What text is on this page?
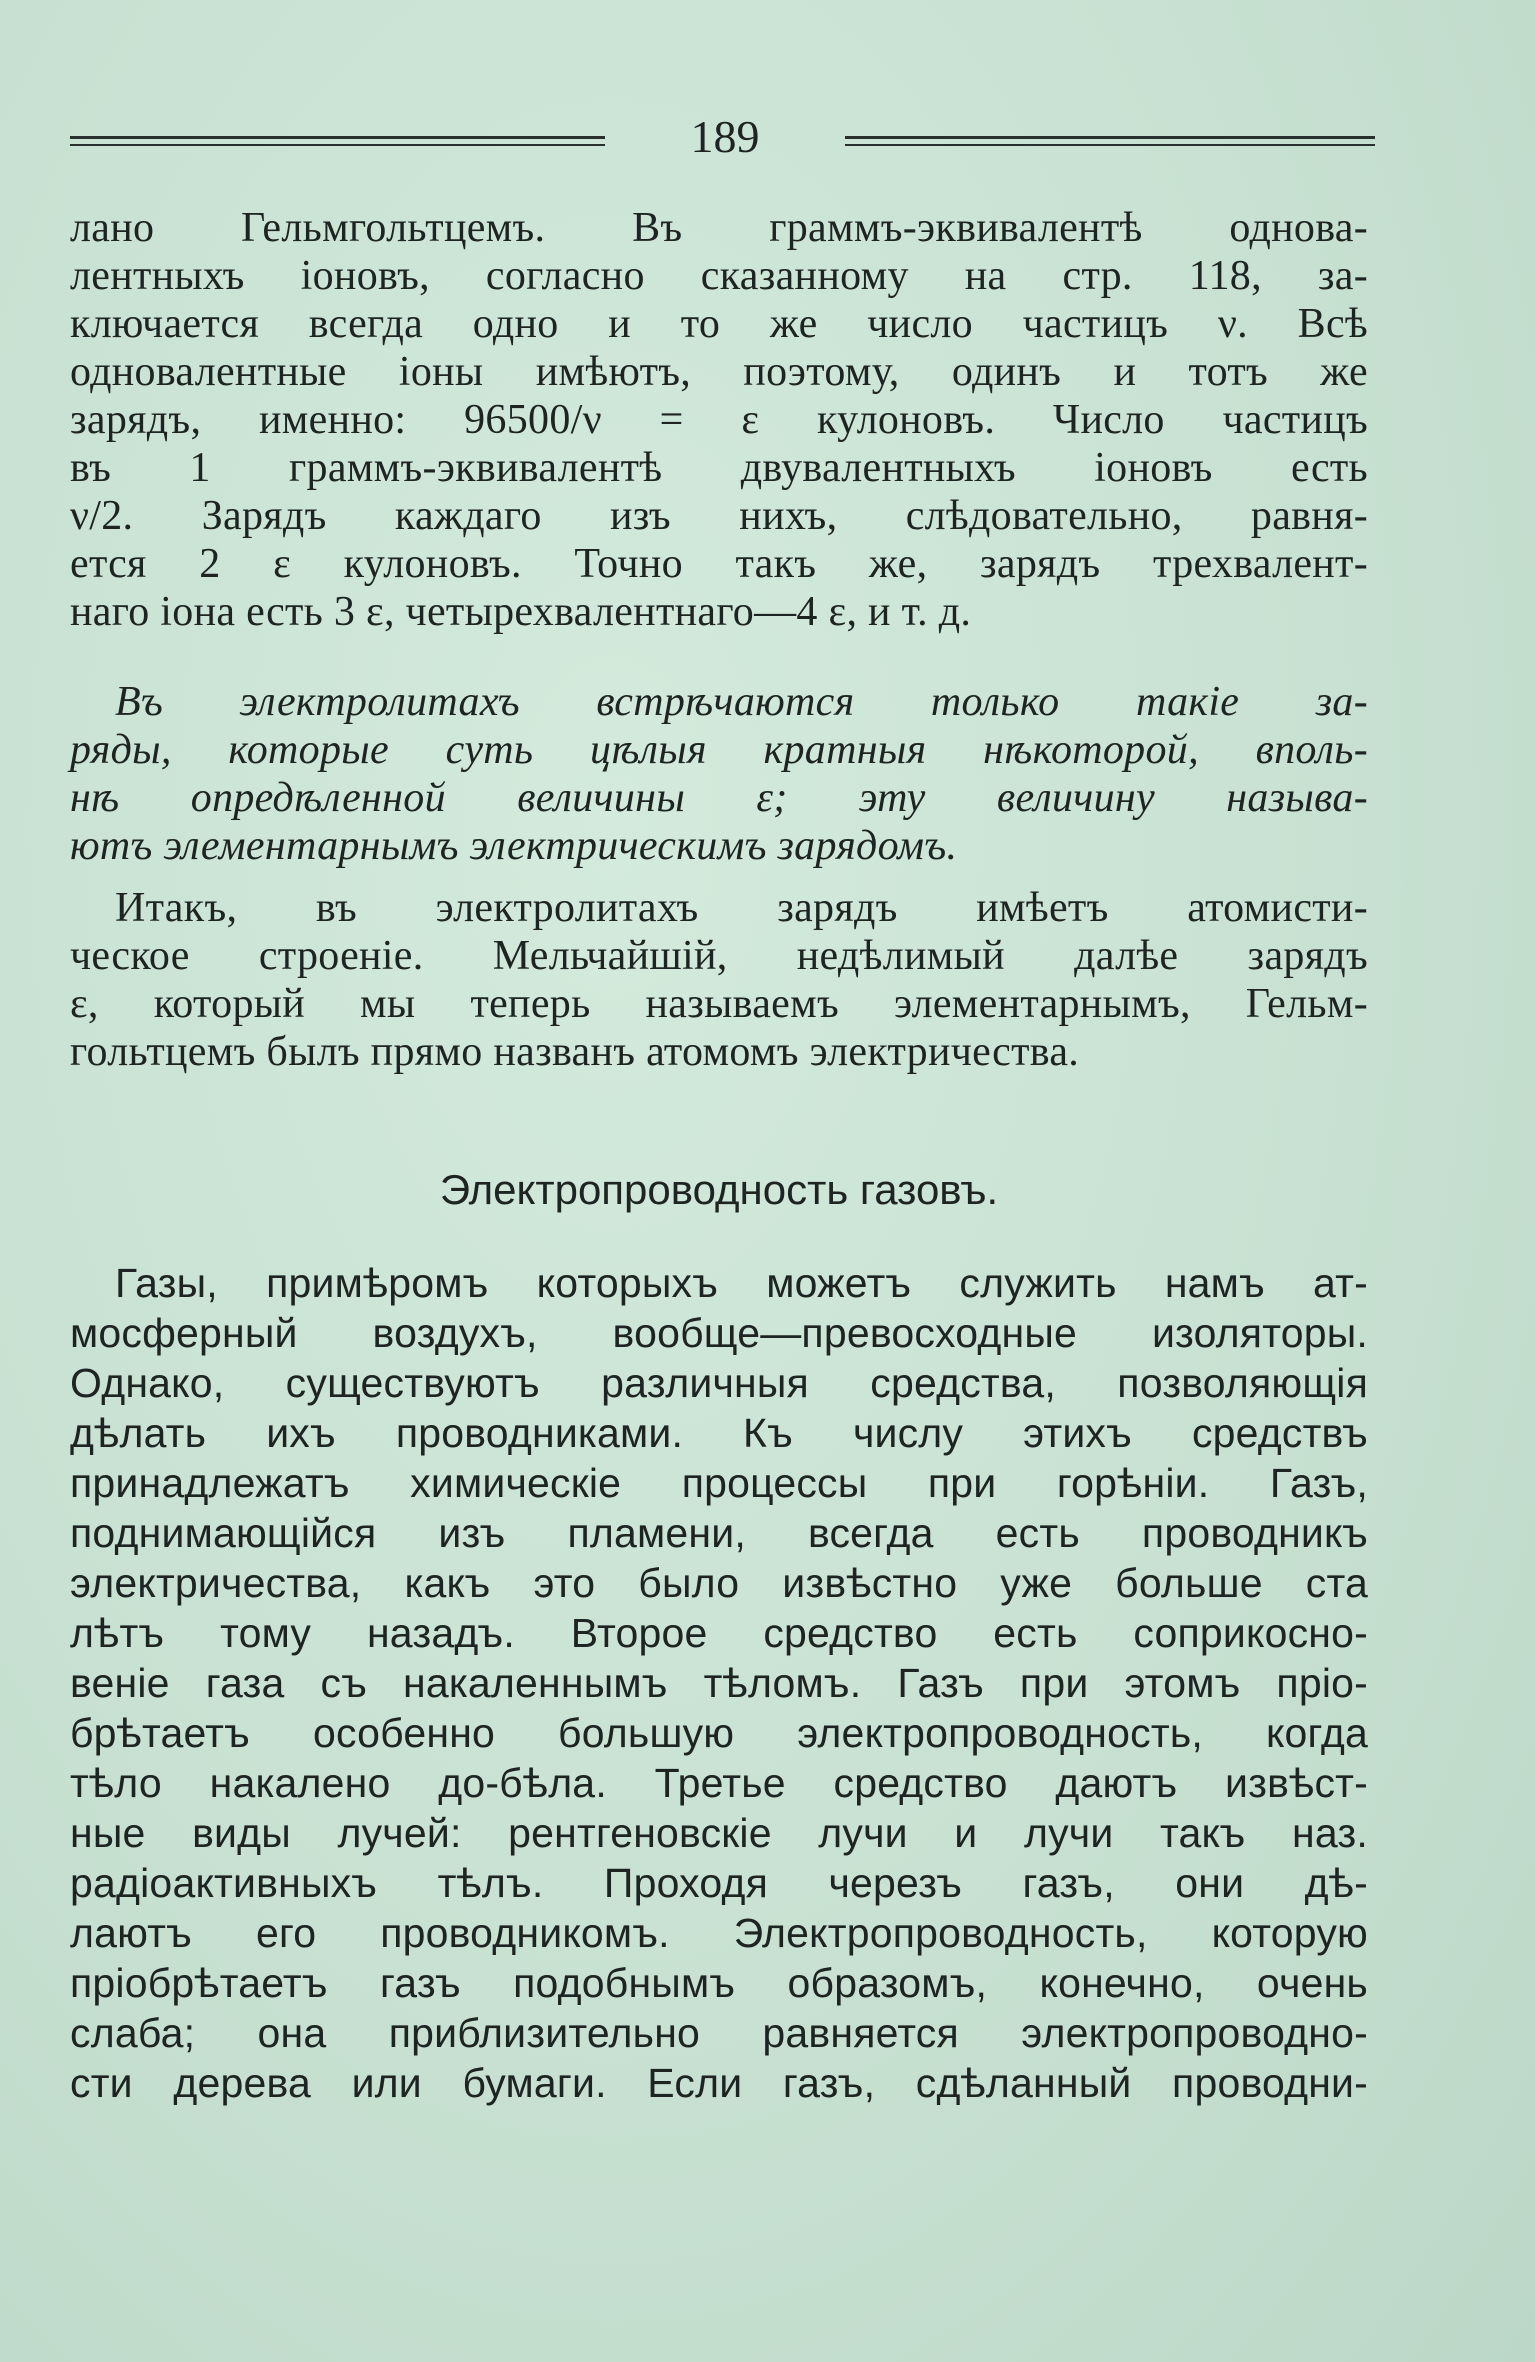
189

лано Гельмгольтцемъ. Въ граммъ-эквивалентѣ однова-
лентныхъ іоновъ, согласно сказанному на стр. 118, за-
ключается всегда одно и то же число частицъ ν. Всѣ
одновалентные іоны имѣютъ, поэтому, одинъ и тотъ же
зарядъ, именно: 96500/ν = ε кулоновъ. Число частицъ
въ 1 граммъ-эквивалентѣ двувалентныхъ іоновъ есть
ν/2. Зарядъ каждаго изъ нихъ, слѣдовательно, равня-
ется 2 ε кулоновъ. Точно такъ же, зарядъ трехвалент-
наго іона есть 3 ε, четырехвалентнаго—4 ε, и т. д.

Въ электролитахъ встрѣчаются только такіе за-
ряды, которые суть цѣлыя кратныя нѣкоторой, вполь-
нѣ опредѣленной величины ε; эту величину называ-
ютъ элементарнымъ электрическимъ зарядомъ.

Итакъ, въ электролитахъ зарядъ имѣетъ атомисти-
ческое строеніе. Мельчайшій, недѣлимый далѣе зарядъ
ε, который мы теперь называемъ элементарнымъ, Гельм-
гольтцемъ былъ прямо названъ атомомъ электричества.

Электропроводность газовъ.

Газы, примѣромъ которыхъ можетъ служить намъ ат-
мосферный воздухъ, вообще—превосходные изоляторы.
Однако, существуютъ различныя средства, позволяющія
дѣлать ихъ проводниками. Къ числу этихъ средствъ
принадлежатъ химическіе процессы при горѣніи. Газъ,
поднимающійся изъ пламени, всегда есть проводникъ
электричества, какъ это было извѣстно уже больше ста
лѣтъ тому назадъ. Второе средство есть соприкосно-
веніе газа съ накаленнымъ тѣломъ. Газъ при этомъ пріо-
брѣтаетъ особенно большую электропроводность, когда
тѣло накалено до-бѣла. Третье средство даютъ извѣст-
ные виды лучей: рентгеновскіе лучи и лучи такъ наз.
радіоактивныхъ тѣлъ. Проходя черезъ газъ, они дѣ-
лаютъ его проводникомъ. Электропроводность, которую
пріобрѣтаетъ газъ подобнымъ образомъ, конечно, очень
слаба; она приблизительно равняется электропроводно-
сти дерева или бумаги. Если газъ, сдѣланный проводни-
